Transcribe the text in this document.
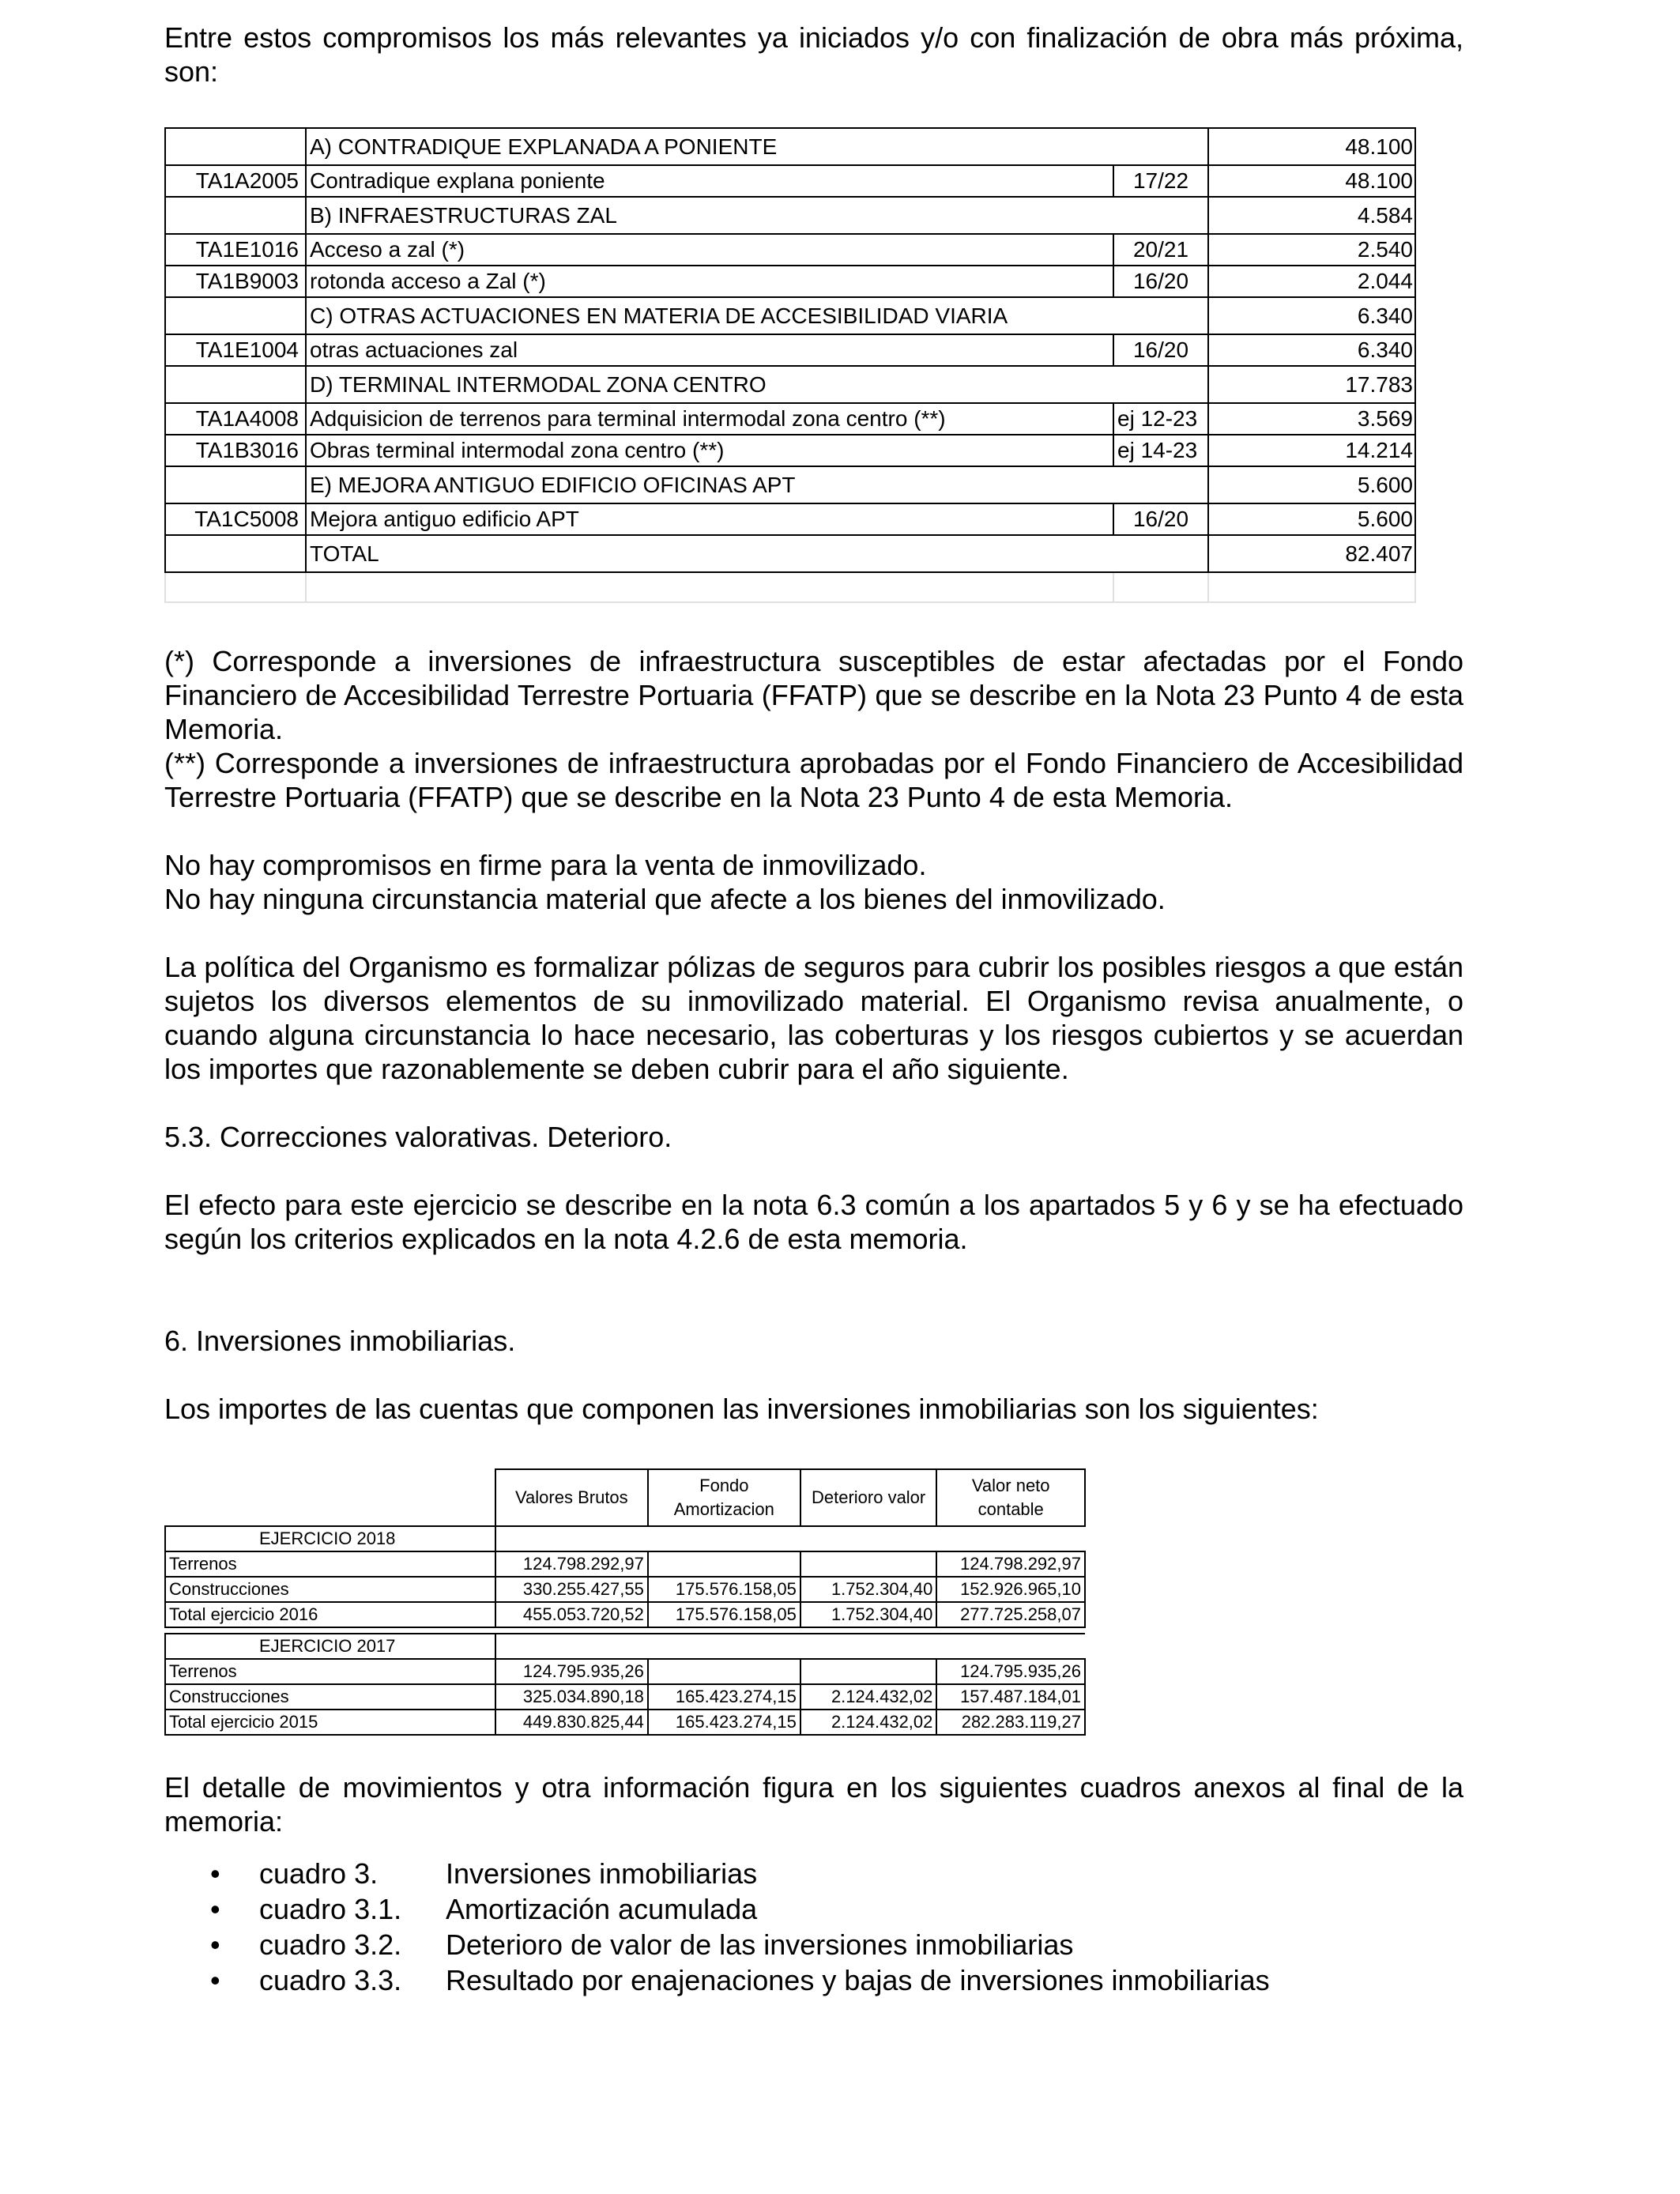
Entre estos compromisos los más relevantes ya iniciados y/o con finalización de obra más próxima, son:

	A) CONTRADIQUE EXPLANADA A PONIENTE		48.100
TA1A2005	Contradique explana poniente	17/22	48.100
	B) INFRAESTRUCTURAS ZAL		4.584
TA1E1016	Acceso a zal (*)	20/21	2.540
TA1B9003	rotonda acceso a Zal (*)	16/20	2.044
	C) OTRAS ACTUACIONES EN MATERIA DE ACCESIBILIDAD VIARIA		6.340
TA1E1004	otras actuaciones zal	16/20	6.340
	D) TERMINAL INTERMODAL ZONA CENTRO		17.783
TA1A4008	Adquisicion de terrenos para terminal intermodal zona centro (**)	ej 12-23	3.569
TA1B3016	Obras terminal intermodal zona centro (**)	ej 14-23	14.214
	E) MEJORA ANTIGUO EDIFICIO OFICINAS APT		5.600
TA1C5008	Mejora antiguo edificio APT	16/20	5.600
	TOTAL		82.407

(*) Corresponde a inversiones de infraestructura susceptibles de estar afectadas por el Fondo Financiero de Accesibilidad Terrestre Portuaria (FFATP) que se describe en la Nota 23 Punto 4 de esta Memoria.

(**) Corresponde a inversiones de infraestructura aprobadas por el Fondo Financiero de Accesibilidad Terrestre Portuaria (FFATP) que se describe en la Nota 23 Punto 4 de esta Memoria.

No hay compromisos en firme para la venta de inmovilizado.

No hay ninguna circunstancia material que afecte a los bienes del inmovilizado.

La política del Organismo es formalizar pólizas de seguros para cubrir los posibles riesgos a que están sujetos los diversos elementos de su inmovilizado material. El Organismo revisa anualmente, o cuando alguna circunstancia lo hace necesario, las coberturas y los riesgos cubiertos y se acuerdan los importes que razonablemente se deben cubrir para el año siguiente.

5.3. Correcciones valorativas. Deterioro.

El efecto para este ejercicio se describe en la nota 6.3 común a los apartados 5 y 6 y se ha efectuado según los criterios explicados en la nota 4.2.6 de esta memoria.

6. Inversiones inmobiliarias.

Los importes de las cuentas que componen las inversiones inmobiliarias son los siguientes:

	Valores Brutos	Fondo Amortizacion	Deterioro valor	Valor neto contable
EJERCICIO 2018				
Terrenos	124.798.292,97			124.798.292,97
Construcciones	330.255.427,55	175.576.158,05	1.752.304,40	152.926.965,10
Total ejercicio 2016	455.053.720,52	175.576.158,05	1.752.304,40	277.725.258,07

EJERCICIO 2017				
Terrenos	124.795.935,26			124.795.935,26
Construcciones	325.034.890,18	165.423.274,15	2.124.432,02	157.487.184,01
Total ejercicio 2015	449.830.825,44	165.423.274,15	2.124.432,02	282.283.119,27

El detalle de movimientos y otra información figura en los siguientes cuadros anexos al final de la memoria:

• cuadro 3. Inversiones inmobiliarias
• cuadro 3.1. Amortización acumulada
• cuadro 3.2. Deterioro de valor de las inversiones inmobiliarias
• cuadro 3.3. Resultado por enajenaciones y bajas de inversiones inmobiliarias
